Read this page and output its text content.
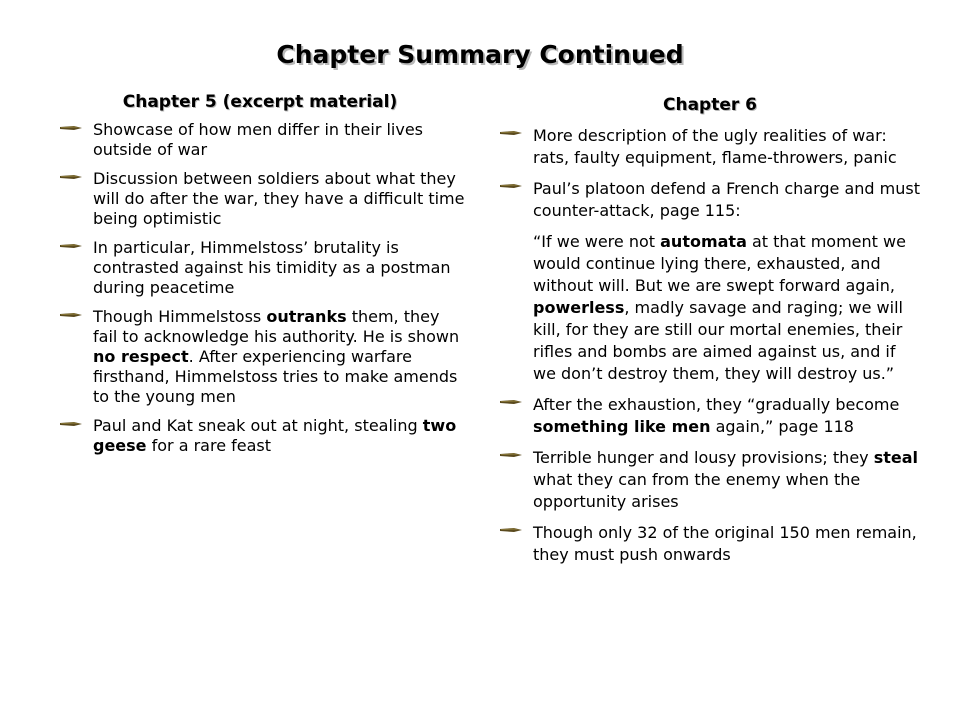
Chapter Summary Continued
Chapter 5 (excerpt material)
Showcase of how men differ in their lives outside of war
Discussion between soldiers about what they will do after the war, they have a difficult time being optimistic
In particular, Himmelstoss’ brutality is contrasted against his timidity as a postman during peacetime
Though Himmelstoss outranks them, they fail to acknowledge his authority. He is shown no respect. After experiencing warfare firsthand, Himmelstoss tries to make amends to the young men
Paul and Kat sneak out at night, stealing two geese for a rare feast
Chapter 6
More description of the ugly realities of war: rats, faulty equipment, flame-throwers, panic
Paul’s platoon defend a French charge and must counter-attack, page 115:
“If we were not automata at that moment we would continue lying there, exhausted, and without will. But we are swept forward again, powerless, madly savage and raging; we will kill, for they are still our mortal enemies, their rifles and bombs are aimed against us, and if we don’t destroy them, they will destroy us.”
After the exhaustion, they “gradually become something like men again,” page 118
Terrible hunger and lousy provisions; they steal what they can from the enemy when the opportunity arises
Though only 32 of the original 150 men remain, they must push onwards
